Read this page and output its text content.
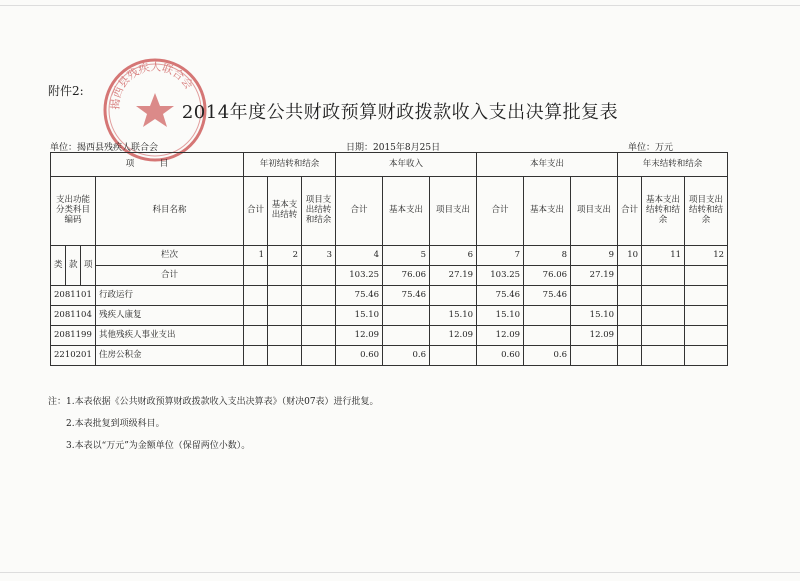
揭西县残疾人联合会
附件2:
2014年度公共财政预算财政拨款收入支出决算批复表
单位：揭西县残疾人联合会	日期：2015年8月25日	单位：万元
项　　　目				年初结转和结余			本年收入			本年支出			年末结转和结余		
支出功能分类科目编码			科目名称	合计	基本支出结转	项目支出结转和结余	合计	基本支出	项目支出	合计	基本支出	项目支出	合计	基本支出结转和结余	项目支出结转和结余
类	款	项	栏次	1	2	3	4	5	6	7	8	9	10	11	12
			合计				103.25	76.06	27.19	103.25	76.06	27.19			
2081101			行政运行				75.46	75.46		75.46	75.46				
2081104			残疾人康复				15.10		15.10	15.10		15.10			
2081199			其他残疾人事业支出				12.09		12.09	12.09		12.09			
2210201			住房公积金				0.60	0.6		0.60	0.6				
注：1.本表依据《公共财政预算财政拨款收入支出决算表》（财决07表）进行批复。
2.本表批复到项级科目。
3.本表以“万元”为金额单位（保留两位小数）。
